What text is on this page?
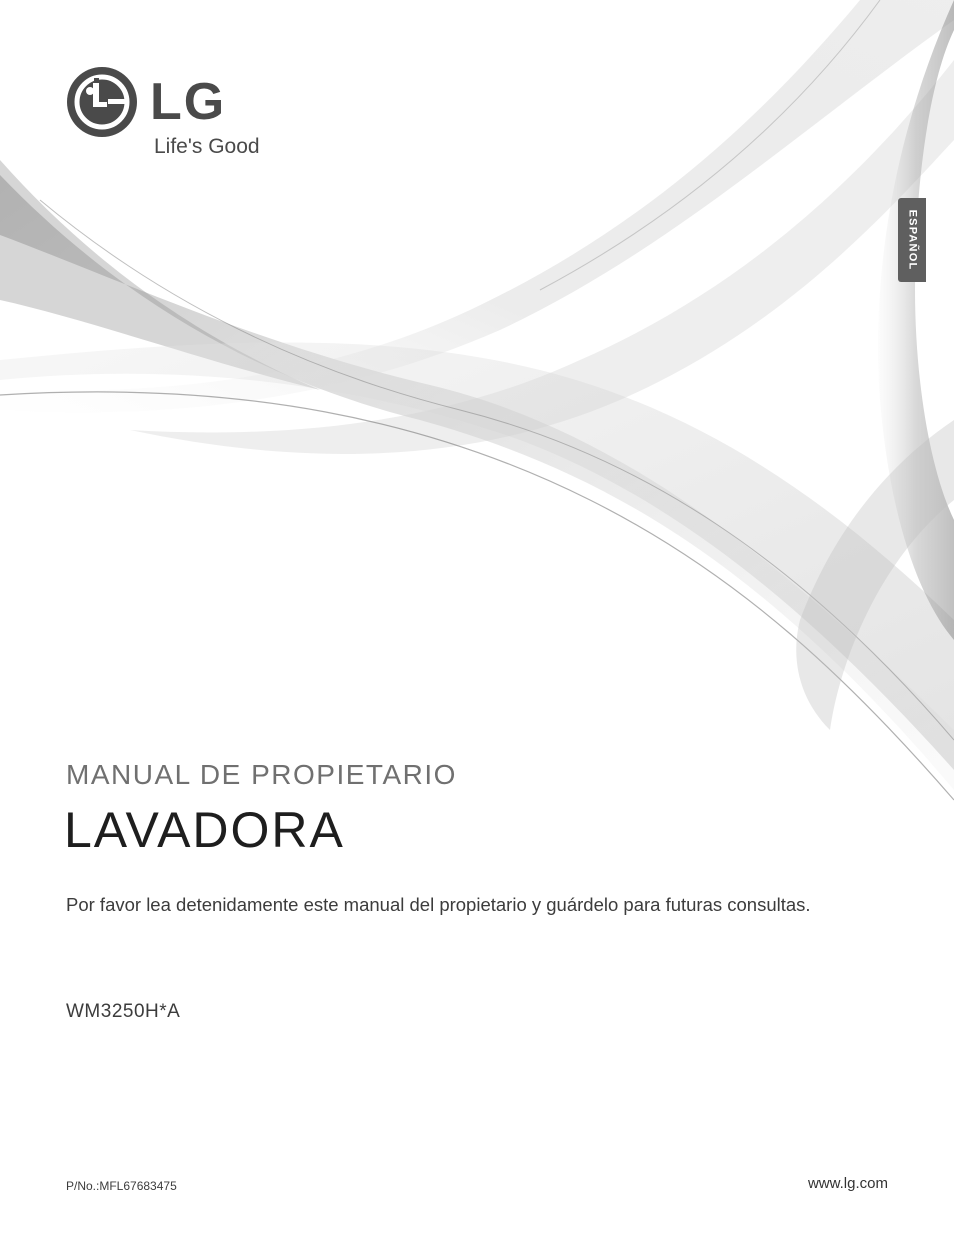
LG
Life's Good
ESPAÑOL
MANUAL DE PROPIETARIO
LAVADORA
Por favor lea detenidamente este manual del propietario y guárdelo para futuras consultas.
WM3250H*A
P/No.:MFL67683475	www.lg.com
